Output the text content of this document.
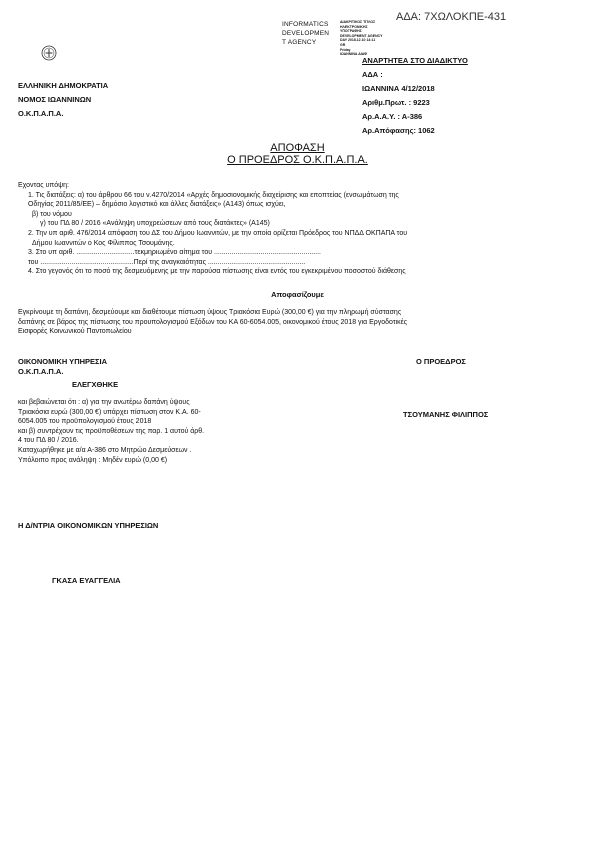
ΑΔΑ: 7ΧΩΛΟΚΠΕ-431
INFORMATICS
DEVELOPMEN
T AGENCY
ΔΙΑΚΡΙΤΙΚΟΣ ΤΙΤΛΟΣ
ΗΛΕΚΤΡΟΝΙΚΗΣ ΥΠΟΓΡΑΦΗΣ
DEVELOPMENT AGENCY
DAY 2018.12.10 14:11
GR
Friday
ΙΩΑΝΝΙΝΑ ΔΙΑΦ
ΕΛΛΗΝΙΚΗ ΔΗΜΟΚΡΑΤΙΑ
ΝΟΜΟΣ ΙΩΑΝΝΙΝΩΝ
Ο.Κ.Π.Α.Π.Α.
ΑΝΑΡΤΗΤΕΑ ΣΤΟ ΔΙΑΔΙΚΤΥΟ
ΑΔΑ :
ΙΩΑΝΝΙΝΑ 4/12/2018
Αριθμ.Πρωτ. : 9223
Αρ.Α.Α.Υ. : Α-386
Αρ.Απόφασης: 1062
ΑΠΟΦΑΣΗ
Ο ΠΡΟΕΔΡΟΣ Ο.Κ.Π.Α.Π.Α.
Εχοντας υπόψη:
1. Τις διατάξεις: α) του άρθρου 66 του ν.4270/2014 «Αρχές δημοσιονομικής διαχείρισης και εποπτείας (ενσωμάτωση της
Οδηγίας 2011/85/ΕΕ) – δημόσιο λογιστικό και άλλες διατάξεις» (Α143) όπως ισχύει,
β) του νόμου
γ) του ΠΔ 80 / 2016 «Ανάληψη υποχρεώσεων από τους διατάκτες» (Α145)
2. Την υπ αριθ. 476/2014 απόφαση του ΔΣ του Δήμου Ιωαννιτών, με την οποία ορίζεται Πρόεδρος του ΝΠΔΔ ΟΚΠΑΠΑ του
Δήμου Ιωαννιτών ο Κος Φίλιππος Τσουμάνης.
3. Στο υπ αριθ. ..............................τεκμηριωμένο αίτημα του .......................................................
του ................................................Περί της αναγκαιότητας ..................................................
4. Στο γεγονός ότι το ποσό της δεσμευόμενης με την παρούσα πίστωσης είναι εντός του εγκεκριμένου ποσοστού διάθεσης
Αποφασίζουμε
Εγκρίνουμε τη δαπάνη, δεσμεύουμε και διαθέτουμε πίστωση ύψους Τριακόσια Ευρώ (300,00 €) για την πληρωμή σύστασης
δαπάνης σε βάρος της πίστωσης του προυπολογισμού Εξόδων του ΚΑ 60-6054.005, οικονομικού έτους 2018 για Εργοδοτικές
Εισφορές Κοινωνικού Παντοπωλείου
ΟΙΚΟΝΟΜΙΚΗ ΥΠΗΡΕΣΙΑ
Ο.Κ.Π.Α.Π.Α.
ΕΛΕΓΧΘΗΚΕ
και βεβαιώνεται ότι : α) για την ανωτέρω δαπάνη ύψους
Τριακόσια ευρώ (300,00 €) υπάρχει πίστωση στον Κ.Α. 60-
6054.005 του προϋπολογισμού έτους 2018
και β) συντρέχουν τις προϋποθέσεων της παρ. 1 αυτού άρθ.
4 του ΠΔ 80 / 2016.
Καταχωρήθηκε με α/α Α-386 στο Μητρώο Δεσμεύσεων .
Υπόλοιπο προς ανάληψη : Μηδέν ευρώ (0,00 €)
Ο ΠΡΟΕΔΡΟΣ
ΤΣΟΥΜΑΝΗΣ ΦΙΛΙΠΠΟΣ
Η Δ/ΝΤΡΙΑ ΟΙΚΟΝΟΜΙΚΩΝ ΥΠΗΡΕΣΙΩΝ
ΓΚΑΣΑ ΕΥΑΓΓΕΛΙΑ
